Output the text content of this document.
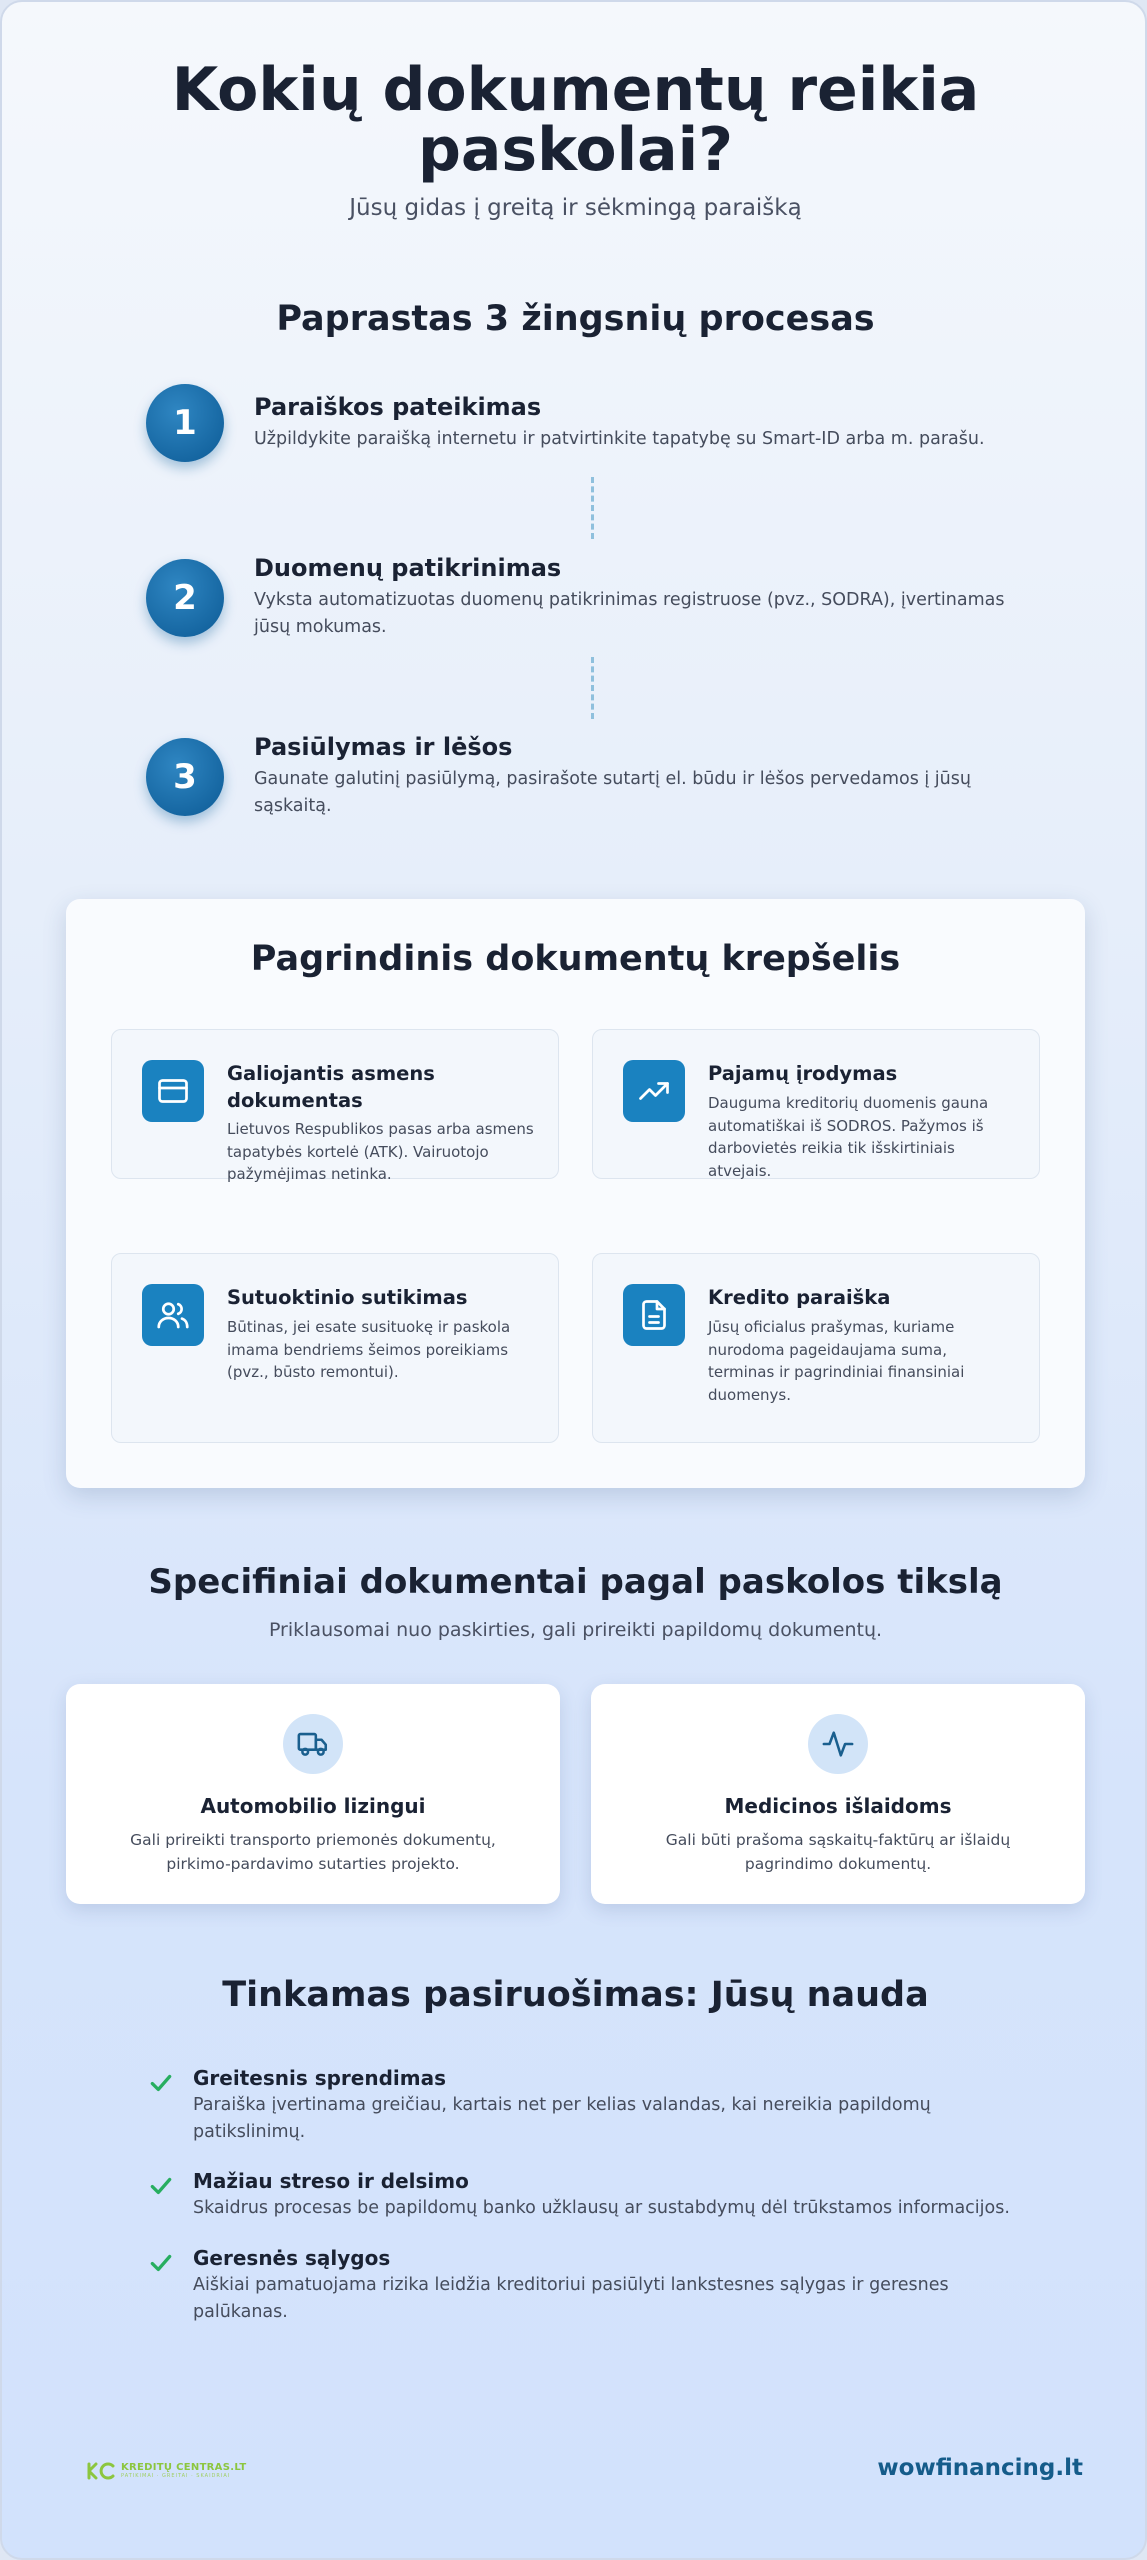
Kokių dokumentų reikia
paskolai?
Jūsų gidas į greitą ir sėkmingą paraišką
Paprastas 3 žingsnių procesas
1	Paraiškos pateikimas
Užpildykite paraišką internetu ir patvirtinkite tapatybę su Smart-ID arba m. parašu.
2
Duomenų patikrinimas
Vyksta automatizuotas duomenų patikrinimas registruose (pvz., SODRA), įvertinamas jūsų mokumas.
3
Pasiūlymas ir lėšos
Gaunate galutinį pasiūlymą, pasirašote sutartį el. būdu ir lėšos pervedamos į jūsų sąskaitą.
Pagrindinis dokumentų krepšelis
Galiojantis asmens dokumentas
Lietuvos Respublikos pasas arba asmens tapatybės kortelė (ATK). Vairuotojo pažymėjimas netinka.
Pajamų įrodymas
Dauguma kreditorių duomenis gauna automatiškai iš SODROS. Pažymos iš darbovietės reikia tik išskirtiniais atvejais.
Sutuoktinio sutikimas
Būtinas, jei esate susituokę ir paskola imama bendriems šeimos poreikiams (pvz., būsto remontui).
Kredito paraiška
Jūsų oficialus prašymas, kuriame nurodoma pageidaujama suma, terminas ir pagrindiniai finansiniai duomenys.
Specifiniai dokumentai pagal paskolos tikslą
Priklausomai nuo paskirties, gali prireikti papildomų dokumentų.
Automobilio lizingui
Gali prireikti transporto priemonės dokumentų, pirkimo-pardavimo sutarties projekto.
Medicinos išlaidoms
Gali būti prašoma sąskaitų-faktūrų ar išlaidų pagrindimo dokumentų.
Tinkamas pasiruošimas: Jūsų nauda
Greitesnis sprendimas
Paraiška įvertinama greičiau, kartais net per kelias valandas, kai nereikia papildomų patikslinimų.
Mažiau streso ir delsimo
Skaidrus procesas be papildomų banko užklausų ar sustabdymų dėl trūkstamos informacijos.
Geresnės sąlygos
Aiškiai pamatuojama rizika leidžia kreditoriui pasiūlyti lankstesnes sąlygas ir geresnes palūkanas.
KREDITŲ CENTRAS.LT
PATIKIMAI · GREITAI · SKAIDRIAI	wowfinancing.lt
